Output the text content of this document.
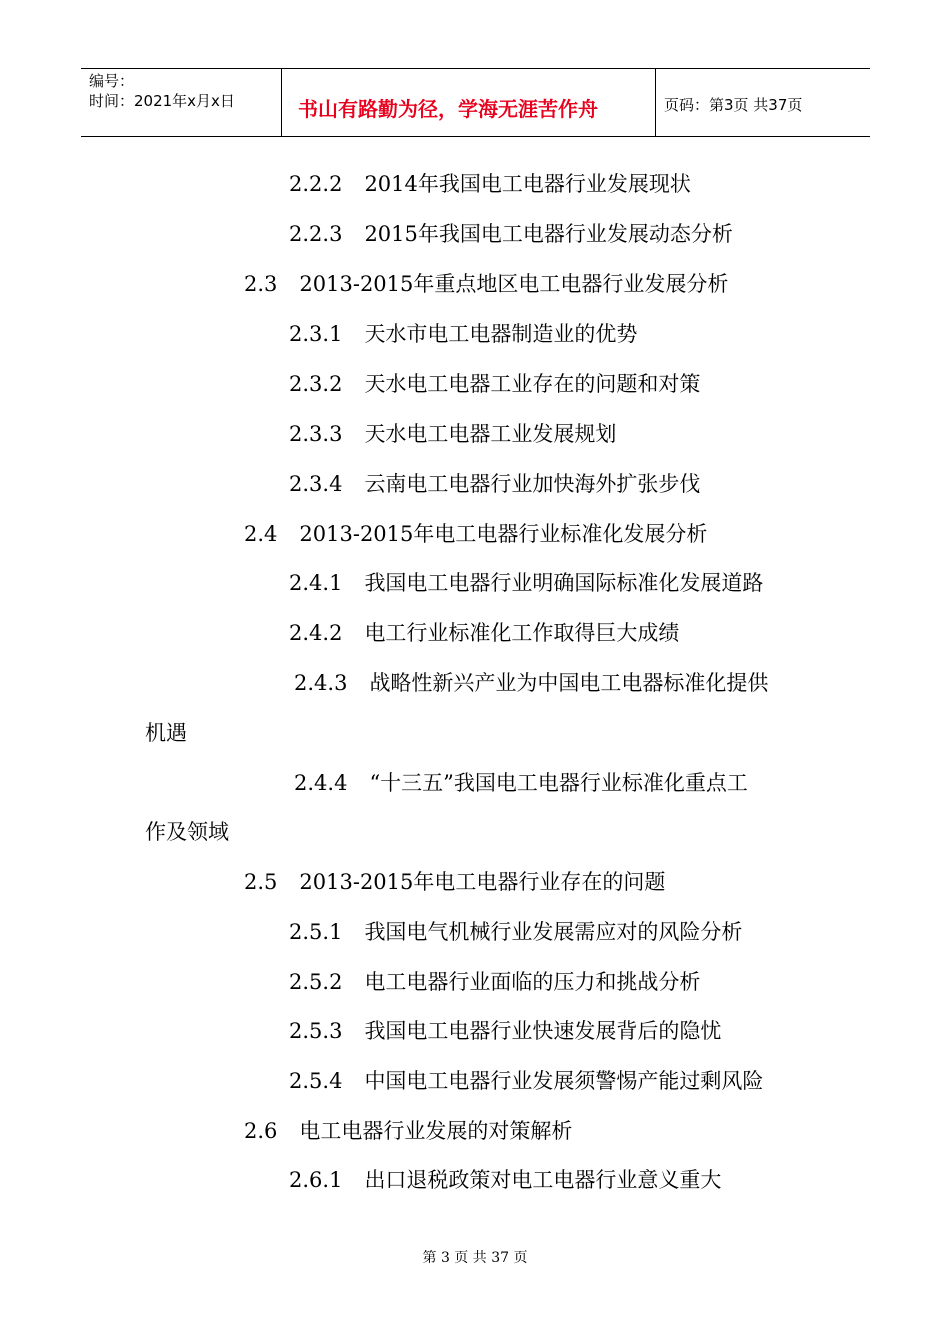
编号：
时间：2021年x月x日	书山有路勤为径，学海无涯苦作舟	页码：第3页 共37页
2.2.2 2014年我国电工电器行业发展现状
2.2.3 2015年我国电工电器行业发展动态分析
2.3 2013-2015年重点地区电工电器行业发展分析
2.3.1 天水市电工电器制造业的优势
2.3.2 天水电工电器工业存在的问题和对策
2.3.3 天水电工电器工业发展规划
2.3.4 云南电工电器行业加快海外扩张步伐
2.4 2013-2015年电工电器行业标准化发展分析
2.4.1 我国电工电器行业明确国际标准化发展道路
2.4.2 电工行业标准化工作取得巨大成绩
2.4.3 战略性新兴产业为中国电工电器标准化提供
机遇
2.4.4 “十三五”我国电工电器行业标准化重点工
作及领域
2.5 2013-2015年电工电器行业存在的问题
2.5.1 我国电气机械行业发展需应对的风险分析
2.5.2 电工电器行业面临的压力和挑战分析
2.5.3 我国电工电器行业快速发展背后的隐忧
2.5.4 中国电工电器行业发展须警惕产能过剩风险
2.6 电工电器行业发展的对策解析
2.6.1 出口退税政策对电工电器行业意义重大
第 3 页 共 37 页
